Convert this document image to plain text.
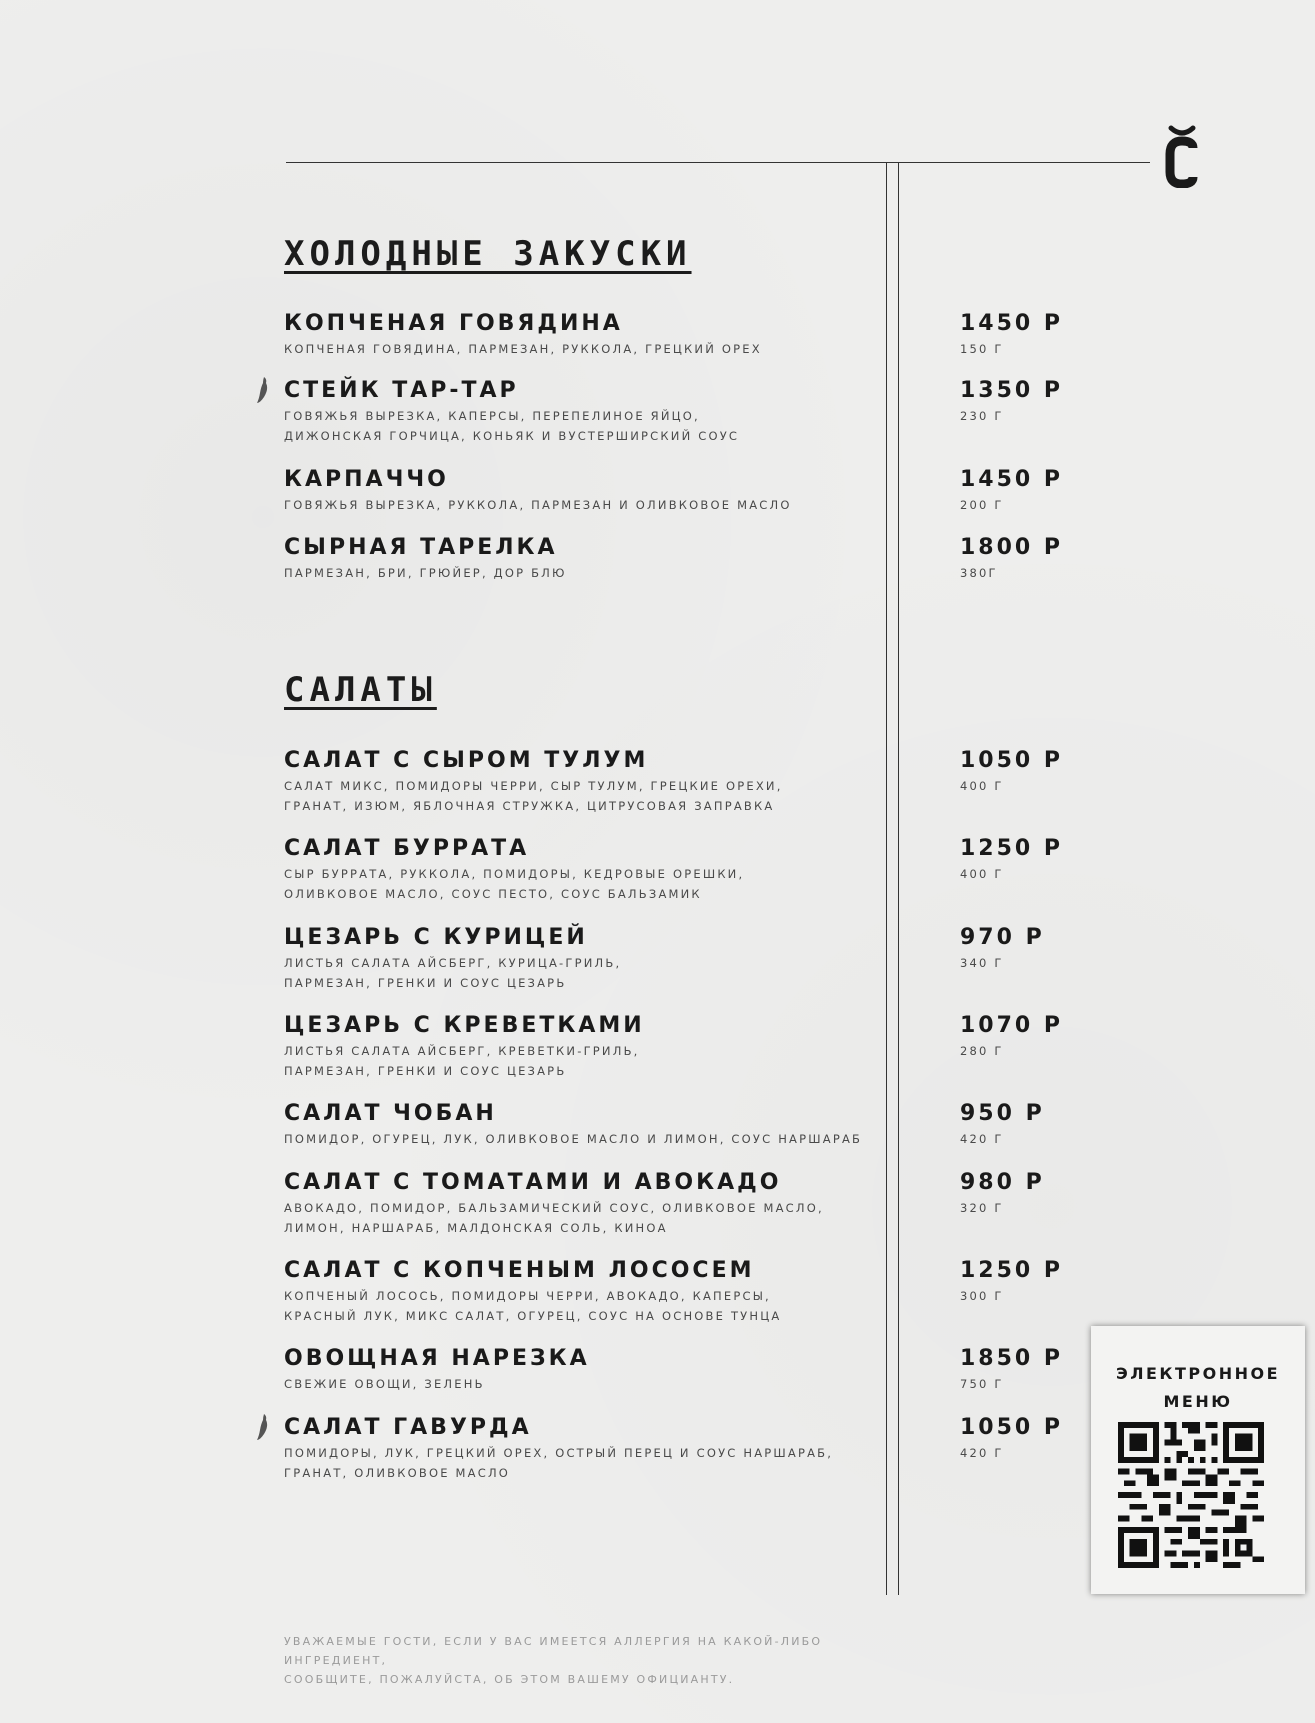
С
ХОЛОДНЫЕ ЗАКУСКИ
КОПЧЕНАЯ ГОВЯДИНА
КОПЧЕНАЯ ГОВЯДИНА, ПАРМЕЗАН, РУККОЛА, ГРЕЦКИЙ ОРЕХ
1450 Р
150 Г
СТЕЙК ТАР-ТАР
ГОВЯЖЬЯ ВЫРЕЗКА, КАПЕРСЫ, ПЕРЕПЕЛИНОЕ ЯЙЦО,
ДИЖОНСКАЯ ГОРЧИЦА, КОНЬЯК И ВУСТЕРШИРСКИЙ СОУС
1350 Р
230 Г
КАРПАЧЧО
ГОВЯЖЬЯ ВЫРЕЗКА, РУККОЛА, ПАРМЕЗАН И ОЛИВКОВОЕ МАСЛО
1450 Р
200 Г
СЫРНАЯ ТАРЕЛКА
ПАРМЕЗАН, БРИ, ГРЮЙЕР, ДОР БЛЮ
1800 Р
380Г
САЛАТЫ
САЛАТ С СЫРОМ ТУЛУМ
САЛАТ МИКС, ПОМИДОРЫ ЧЕРРИ, СЫР ТУЛУМ, ГРЕЦКИЕ ОРЕХИ,
ГРАНАТ, ИЗЮМ, ЯБЛОЧНАЯ СТРУЖКА, ЦИТРУСОВАЯ ЗАПРАВКА
1050 Р
400 Г
САЛАТ БУРРАТА
СЫР БУРРАТА, РУККОЛА, ПОМИДОРЫ, КЕДРОВЫЕ ОРЕШКИ,
ОЛИВКОВОЕ МАСЛО, СОУС ПЕСТО, СОУС БАЛЬЗАМИК
1250 Р
400 Г
ЦЕЗАРЬ С КУРИЦЕЙ
ЛИСТЬЯ САЛАТА АЙСБЕРГ, КУРИЦА-ГРИЛЬ,
ПАРМЕЗАН, ГРЕНКИ И СОУС ЦЕЗАРЬ
970 Р
340 Г
ЦЕЗАРЬ С КРЕВЕТКАМИ
ЛИСТЬЯ САЛАТА АЙСБЕРГ, КРЕВЕТКИ-ГРИЛЬ,
ПАРМЕЗАН, ГРЕНКИ И СОУС ЦЕЗАРЬ
1070 Р
280 Г
САЛАТ ЧОБАН
ПОМИДОР, ОГУРЕЦ, ЛУК, ОЛИВКОВОЕ МАСЛО И ЛИМОН, СОУС НАРШАРАБ
950 Р
420 Г
САЛАТ С ТОМАТАМИ И АВОКАДО
АВОКАДО, ПОМИДОР, БАЛЬЗАМИЧЕСКИЙ СОУС, ОЛИВКОВОЕ МАСЛО,
ЛИМОН, НАРШАРАБ, МАЛДОНСКАЯ СОЛЬ, КИНОА
980 Р
320 Г
САЛАТ С КОПЧЕНЫМ ЛОСОСЕМ
КОПЧЕНЫЙ ЛОСОСЬ, ПОМИДОРЫ ЧЕРРИ, АВОКАДО, КАПЕРСЫ,
КРАСНЫЙ ЛУК, МИКС САЛАТ, ОГУРЕЦ, СОУС НА ОСНОВЕ ТУНЦА
1250 Р
300 Г
ОВОЩНАЯ НАРЕЗКА
СВЕЖИЕ ОВОЩИ, ЗЕЛЕНЬ
1850 Р
750 Г
САЛАТ ГАВУРДА
ПОМИДОРЫ, ЛУК, ГРЕЦКИЙ ОРЕХ, ОСТРЫЙ ПЕРЕЦ И СОУС НАРШАРАБ,
ГРАНАТ, ОЛИВКОВОЕ МАСЛО
1050 Р
420 Г
ЭЛЕКТРОННОЕ
МЕНЮ
УВАЖАЕМЫЕ ГОСТИ, ЕСЛИ У ВАС ИМЕЕТСЯ АЛЛЕРГИЯ НА КАКОЙ-ЛИБО ИНГРЕДИЕНТ,
СООБЩИТЕ, ПОЖАЛУЙСТА, ОБ ЭТОМ ВАШЕМУ ОФИЦИАНТУ.
